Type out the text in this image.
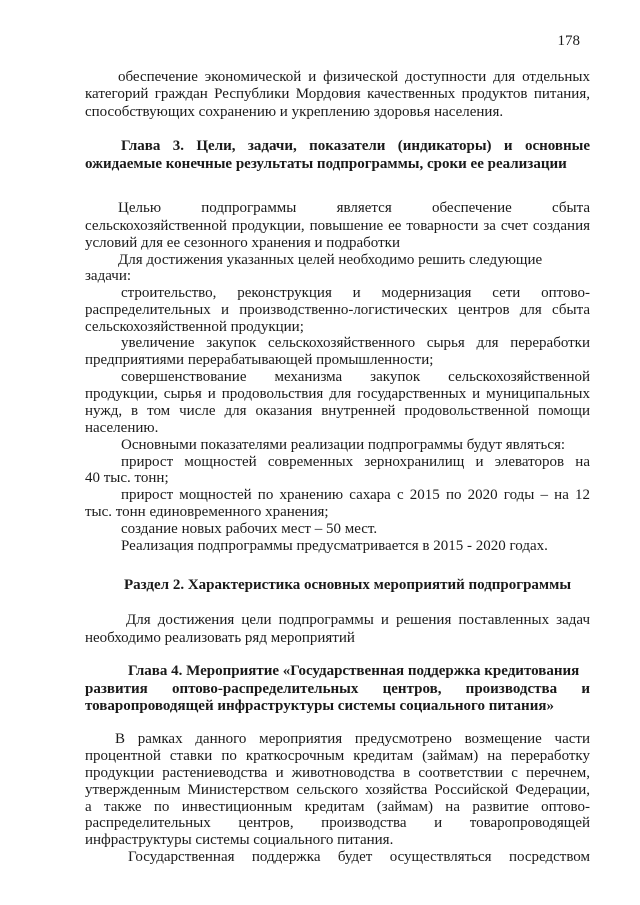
178
обеспечение экономической и физической доступности для отдельных
категорий граждан Республики Мордовия качественных продуктов питания,
способствующих сохранению и укреплению здоровья населения.
Глава 3. Цели, задачи, показатели (индикаторы) и основные
ожидаемые конечные результаты подпрограммы, сроки ее реализации
Целью подпрограммы является обеспечение сбыта
сельскохозяйственной продукции, повышение ее товарности за счет создания
условий для ее сезонного хранения и подработки
Для достижения указанных целей необходимо решить следующие
задачи:
строительство, реконструкция и модернизация сети оптово-
распределительных и производственно-логистических центров для сбыта
сельскохозяйственной продукции;
увеличение закупок сельскохозяйственного сырья для переработки
предприятиями перерабатывающей промышленности;
совершенствование механизма закупок сельскохозяйственной
продукции, сырья и продовольствия для государственных и муниципальных
нужд, в том числе для оказания внутренней продовольственной помощи
населению.
Основными показателями реализации подпрограммы будут являться:
прирост мощностей современных зернохранилищ и элеваторов на
40 тыс. тонн;
прирост мощностей по хранению сахара с 2015 по 2020 годы – на 12
тыс. тонн единовременного хранения;
создание новых рабочих мест – 50 мест.
Реализация подпрограммы предусматривается в 2015 - 2020 годах.
Раздел 2. Характеристика основных мероприятий подпрограммы
Для достижения цели подпрограммы и решения поставленных задач
необходимо реализовать ряд мероприятий
Глава 4. Мероприятие «Государственная поддержка кредитования
развития оптово-распределительных центров, производства и
товаропроводящей инфраструктуры системы социального питания»
В рамках данного мероприятия предусмотрено возмещение части
процентной ставки по краткосрочным кредитам (займам) на переработку
продукции растениеводства и животноводства в соответствии с перечнем,
утвержденным Министерством сельского хозяйства Российской Федерации,
а также по инвестиционным кредитам (займам) на развитие оптово-
распределительных центров, производства и товаропроводящей
инфраструктуры системы социального питания.
Государственная поддержка будет осуществляться посредством
